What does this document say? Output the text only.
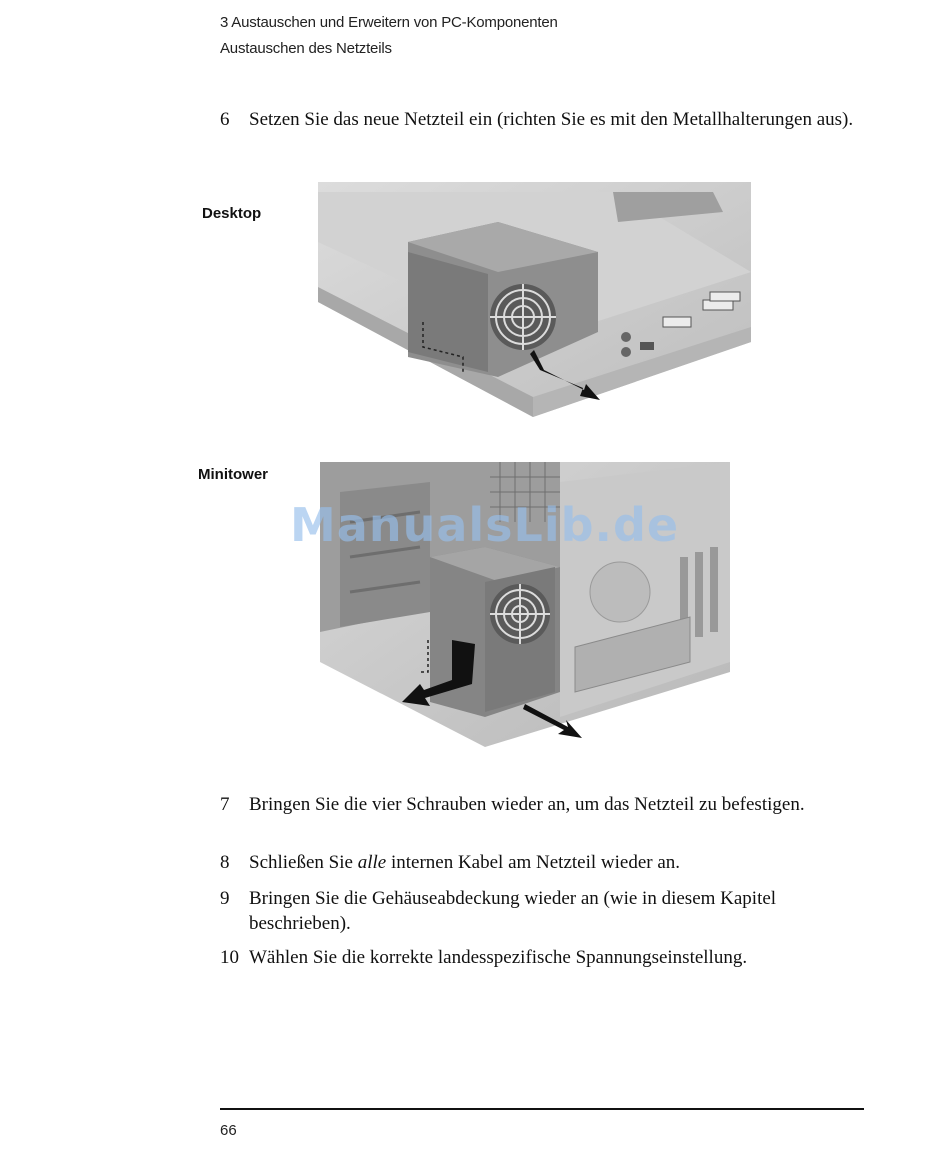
3 Austauschen und Erweitern von PC-Komponenten
Austauschen des Netzteils
6	Setzen Sie das neue Netzteil ein (richten Sie es mit den Metallhalterungen aus).
Desktop
Minitower
ManualsLib.de
7	Bringen Sie die vier Schrauben wieder an, um das Netzteil zu befestigen.
8	Schließen Sie alle internen Kabel am Netzteil wieder an.
9	Bringen Sie die Gehäuseabdeckung wieder an (wie in diesem Kapitel beschrieben).
10 Wählen Sie die korrekte landesspezifische Spannungseinstellung.
66
